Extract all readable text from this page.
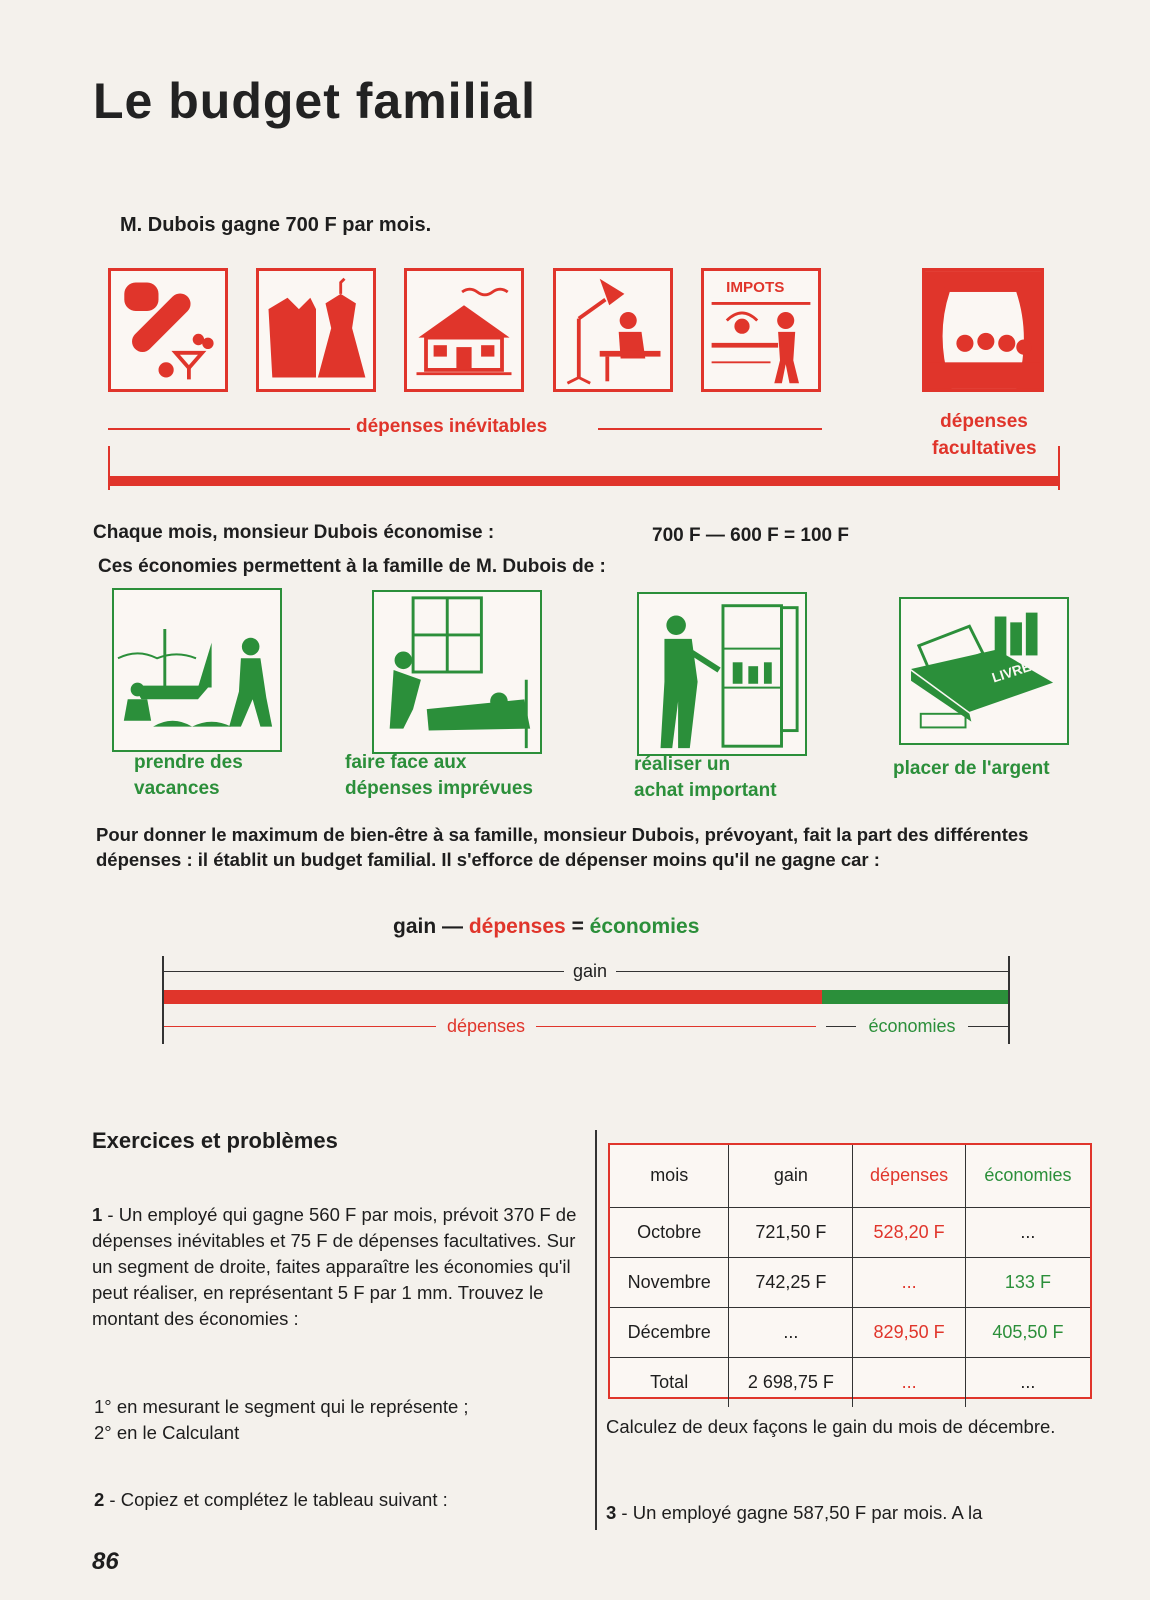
Le budget familial
M. Dubois gagne 700 F par mois.
IMPOTS
dépenses inévitables	dépenses
facultatives
Chaque mois, monsieur Dubois économise :	700 F — 600 F = 100 F
Ces économies permettent à la famille de M. Dubois de :
LIVRET
prendre des
vacances
faire face aux
dépenses imprévues
réaliser un
achat important
placer de l'argent
Pour donner le maximum de bien-être à sa famille, monsieur Dubois, prévoyant, fait la part des différentes dépenses : il établit un budget familial. Il s'efforce de dépenser moins qu'il ne gagne car :
gain — dépenses = économies
gain
dépenses	économies
Exercices et problèmes
1 - Un employé qui gagne 560 F par mois, prévoit 370 F de dépenses inévitables et 75 F de dépenses facultatives. Sur un segment de droite, faites apparaître les économies qu'il peut réaliser, en représentant 5 F par 1 mm. Trouvez le montant des économies :
1° en mesurant le segment qui le représente ;
2° en le Calculant
2 - Copiez et complétez le tableau suivant :
mois	gain	dépenses	économies
Octobre	721,50 F	528,20 F	...
Novembre	742,25 F	...	133 F
Décembre	...	829,50 F	405,50 F
Total	2 698,75 F	...	...
Calculez de deux façons le gain du mois de décembre.
3 - Un employé gagne 587,50 F par mois. A la
86
